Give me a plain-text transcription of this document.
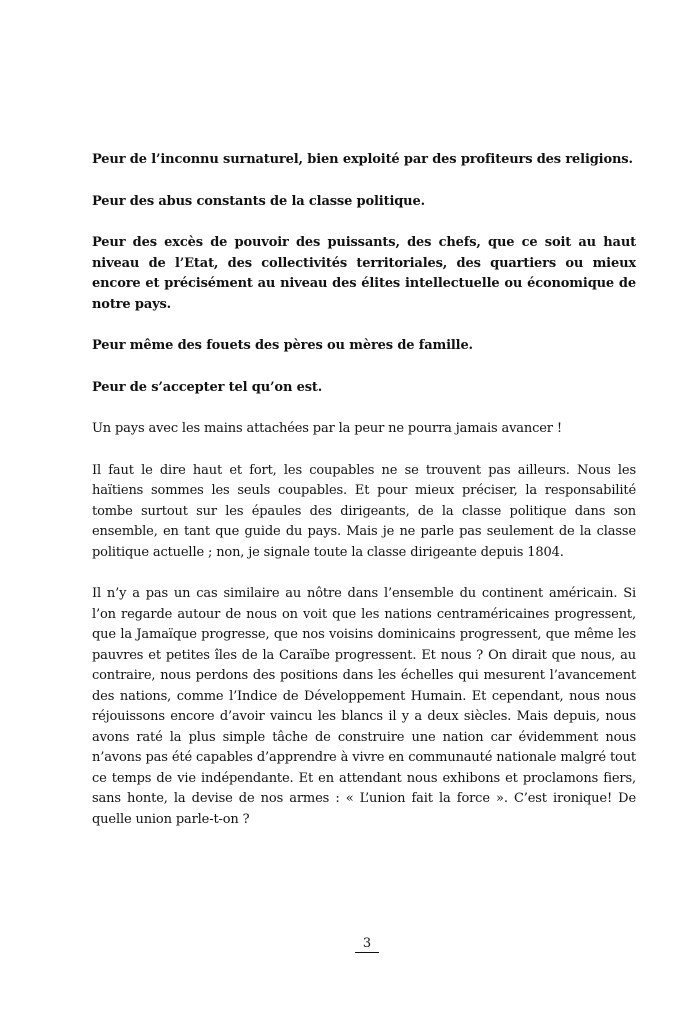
Peur de l’inconnu surnaturel, bien exploité par des profiteurs des religions.

Peur des abus constants de la classe politique.

Peur des excès de pouvoir des puissants, des chefs, que ce soit au haut niveau de l’Etat, des collectivités territoriales, des quartiers ou mieux encore et précisément au niveau des élites intellectuelle ou économique de notre pays.

Peur même des fouets des pères ou mères de famille.

Peur de s’accepter tel qu’on est.

Un pays avec les mains attachées par la peur ne pourra jamais avancer !

Il faut le dire haut et fort, les coupables ne se trouvent pas ailleurs. Nous les haïtiens sommes les seuls coupables. Et pour mieux préciser, la responsabilité tombe surtout sur les épaules des dirigeants, de la classe politique dans son ensemble, en tant que guide du pays. Mais je ne parle pas seulement de la classe politique actuelle ; non, je signale toute la classe dirigeante depuis 1804.

Il n’y a pas un cas similaire au nôtre dans l’ensemble du continent américain. Si l’on regarde autour de nous on voit que les nations centraméricaines progressent, que la Jamaïque progresse, que nos voisins dominicains progressent, que même les pauvres et petites îles de la Caraïbe progressent. Et nous ? On dirait que nous, au contraire, nous perdons des positions dans les échelles qui mesurent l’avancement des nations, comme l’Indice de Développement Humain. Et cependant, nous nous réjouissons encore d’avoir vaincu les blancs il y a deux siècles. Mais depuis, nous avons raté la plus simple tâche de construire une nation car évidemment nous n’avons pas été capables d’apprendre à vivre en communauté nationale malgré tout ce temps de vie indépendante. Et en attendant nous exhibons et proclamons fiers, sans honte, la devise de nos armes : « L’union fait la force ». C’est ironique! De quelle union parle-t-on ?

3
